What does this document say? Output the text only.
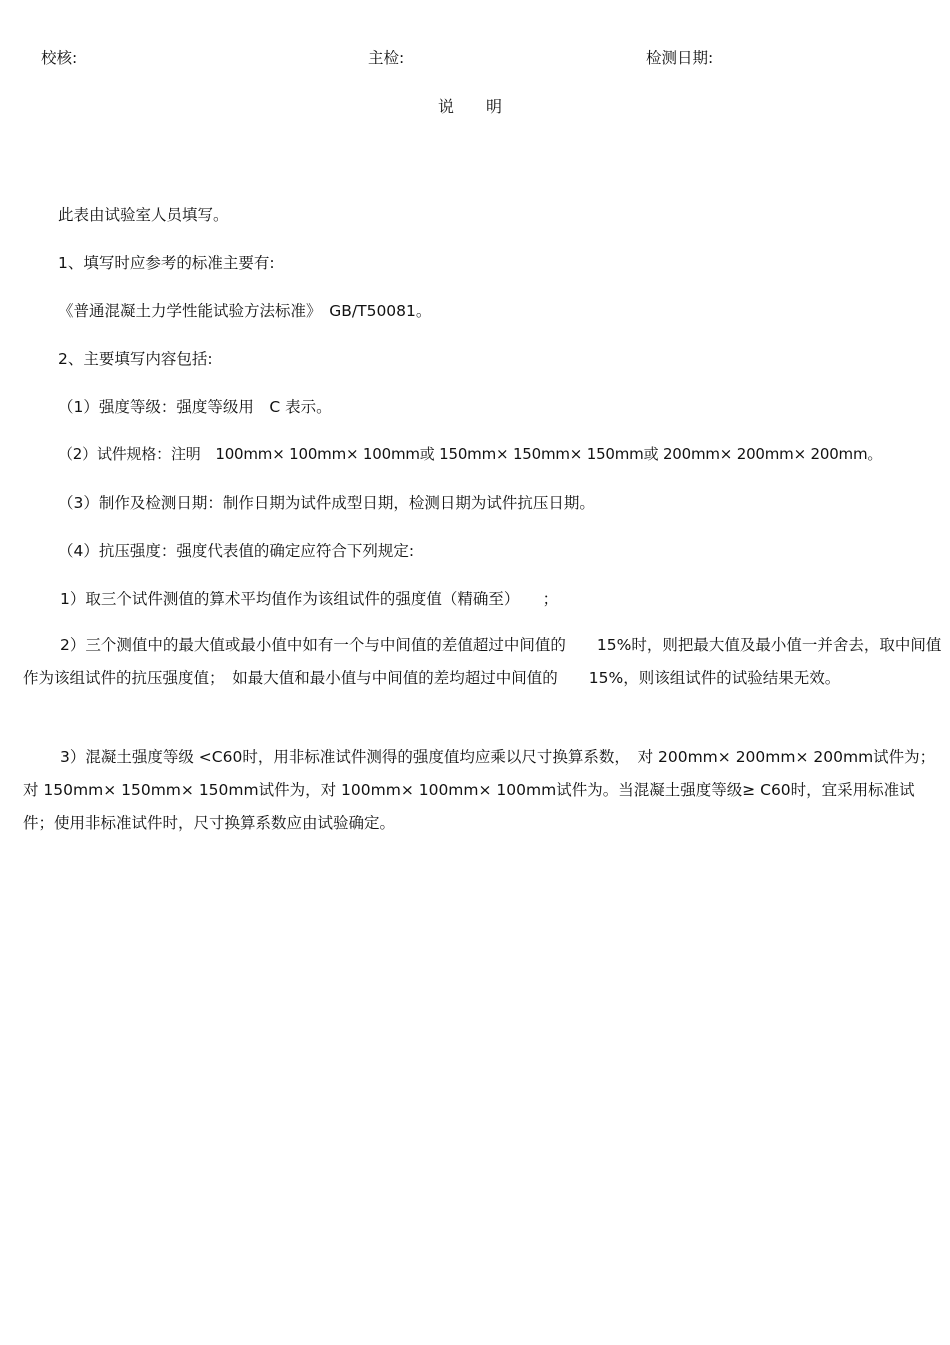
校核:	主检:	检测日期:
说　　明
此表由试验室人员填写。
1、填写时应参考的标准主要有:
《普通混凝土力学性能试验方法标准》　GB/T50081。
2、主要填写内容包括:
（1）强度等级：强度等级用　C 表示。
（2）试件规格：注明　100mm× 100mm× 100mm或 150mm× 150mm× 150mm或 200mm× 200mm× 200mm。
（3）制作及检测日期：制作日期为试件成型日期，检测日期为试件抗压日期。
（4）抗压强度：强度代表值的确定应符合下列规定:
1）取三个试件测值的算术平均值作为该组试件的强度值（精确至）　　；
2）三个测值中的最大值或最小值中如有一个与中间值的差值超过中间值的　　15%时，则把最大值及最小值一并舍去，取中间值作为该组试件的抗压强度值；　如最大值和最小值与中间值的差均超过中间值的　　15%，则该组试件的试验结果无效。
3）混凝土强度等级 <C60时，用非标准试件测得的强度值均应乘以尺寸换算系数，　对 200mm× 200mm× 200mm试件为；对 150mm× 150mm× 150mm试件为，对 100mm× 100mm× 100mm试件为。当混凝土强度等级≥ C60时，宜采用标准试件；使用非标准试件时，尺寸换算系数应由试验确定。
